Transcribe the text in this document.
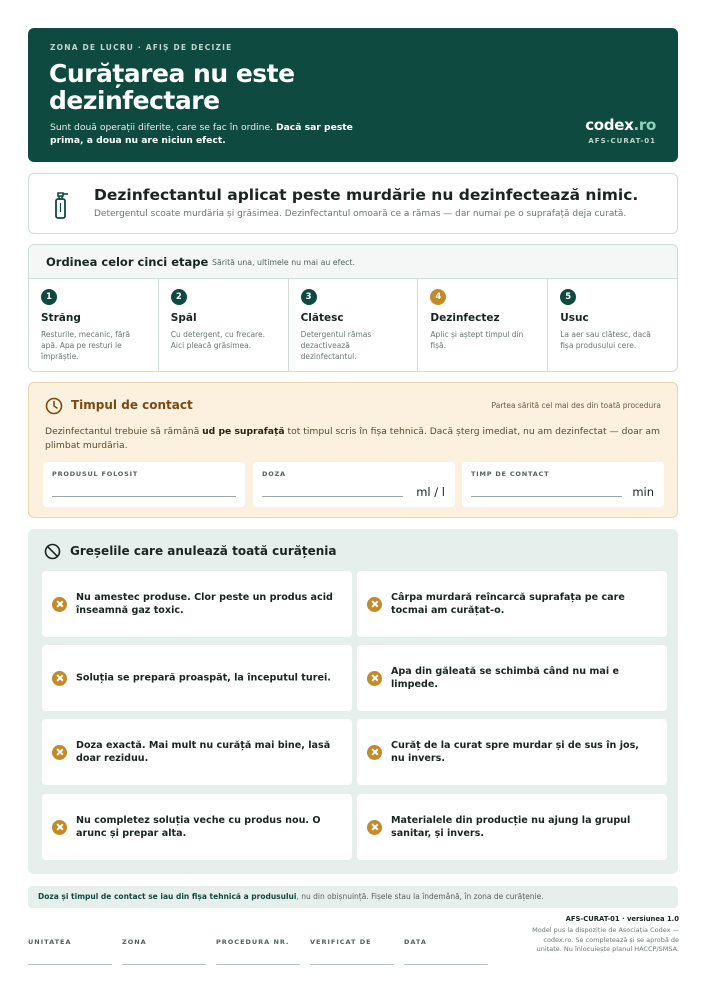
ZONA DE LUCRU · AFIȘ DE DECIZIE
Curățarea nu este dezinfectare
Sunt două operații diferite, care se fac în ordine. Dacă sar peste prima, a doua nu are niciun efect.
codex.ro
AFS-CURAT-01
Dezinfectantul aplicat peste murdărie nu dezinfectează nimic.
Detergentul scoate murdăria și grăsimea. Dezinfectantul omoară ce a rămas — dar numai pe o suprafață deja curată.
Ordinea celor cinci etape Sărită una, ultimele nu mai au efect.
1
Străng
Resturile, mecanic, fără apă. Apa pe resturi le împrăștie.
2
Spăl
Cu detergent, cu frecare. Aici pleacă grăsimea.
3
Clătesc
Detergentul rămas dezactivează dezinfectantul.
4
Dezinfectez
Aplic și aștept timpul din fișă.
5
Usuc
La aer sau clătesc, dacă fișa produsului cere.
Timpul de contact	Partea sărită cel mai des din toată procedura
Dezinfectantul trebuie să rămână ud pe suprafață tot timpul scris în fișa tehnică. Dacă șterg imediat, nu am dezinfectat — doar am plimbat murdăria.
PRODUSUL FOLOSIT	DOZA
ml / l
TIMP DE CONTACT
min
Greșelile care anulează toată curățenia
Nu amestec produse. Clor peste un produs acid înseamnă gaz toxic.
Cârpa murdară reîncarcă suprafața pe care tocmai am curățat-o.
Soluția se prepară proaspăt, la începutul turei.
Apa din găleată se schimbă când nu mai e limpede.
Doza exactă. Mai mult nu curăță mai bine, lasă doar reziduu.
Curăț de la curat spre murdar și de sus în jos, nu invers.
Nu completez soluția veche cu produs nou. O arunc și prepar alta.
Materialele din producție nu ajung la grupul sanitar, și invers.
Doza și timpul de contact se iau din fișa tehnică a produsului, nu din obișnuință. Fișele stau la îndemână, în zona de curățenie.
UNITATEA	ZONA	PROCEDURA NR.	VERIFICAT DE	DATA
AFS-CURAT-01 · versiunea 1.0
Model pus la dispoziție de Asociația Codex — codex.ro. Se completează și se aprobă de unitate. Nu înlocuiește planul HACCP/SMSA.
